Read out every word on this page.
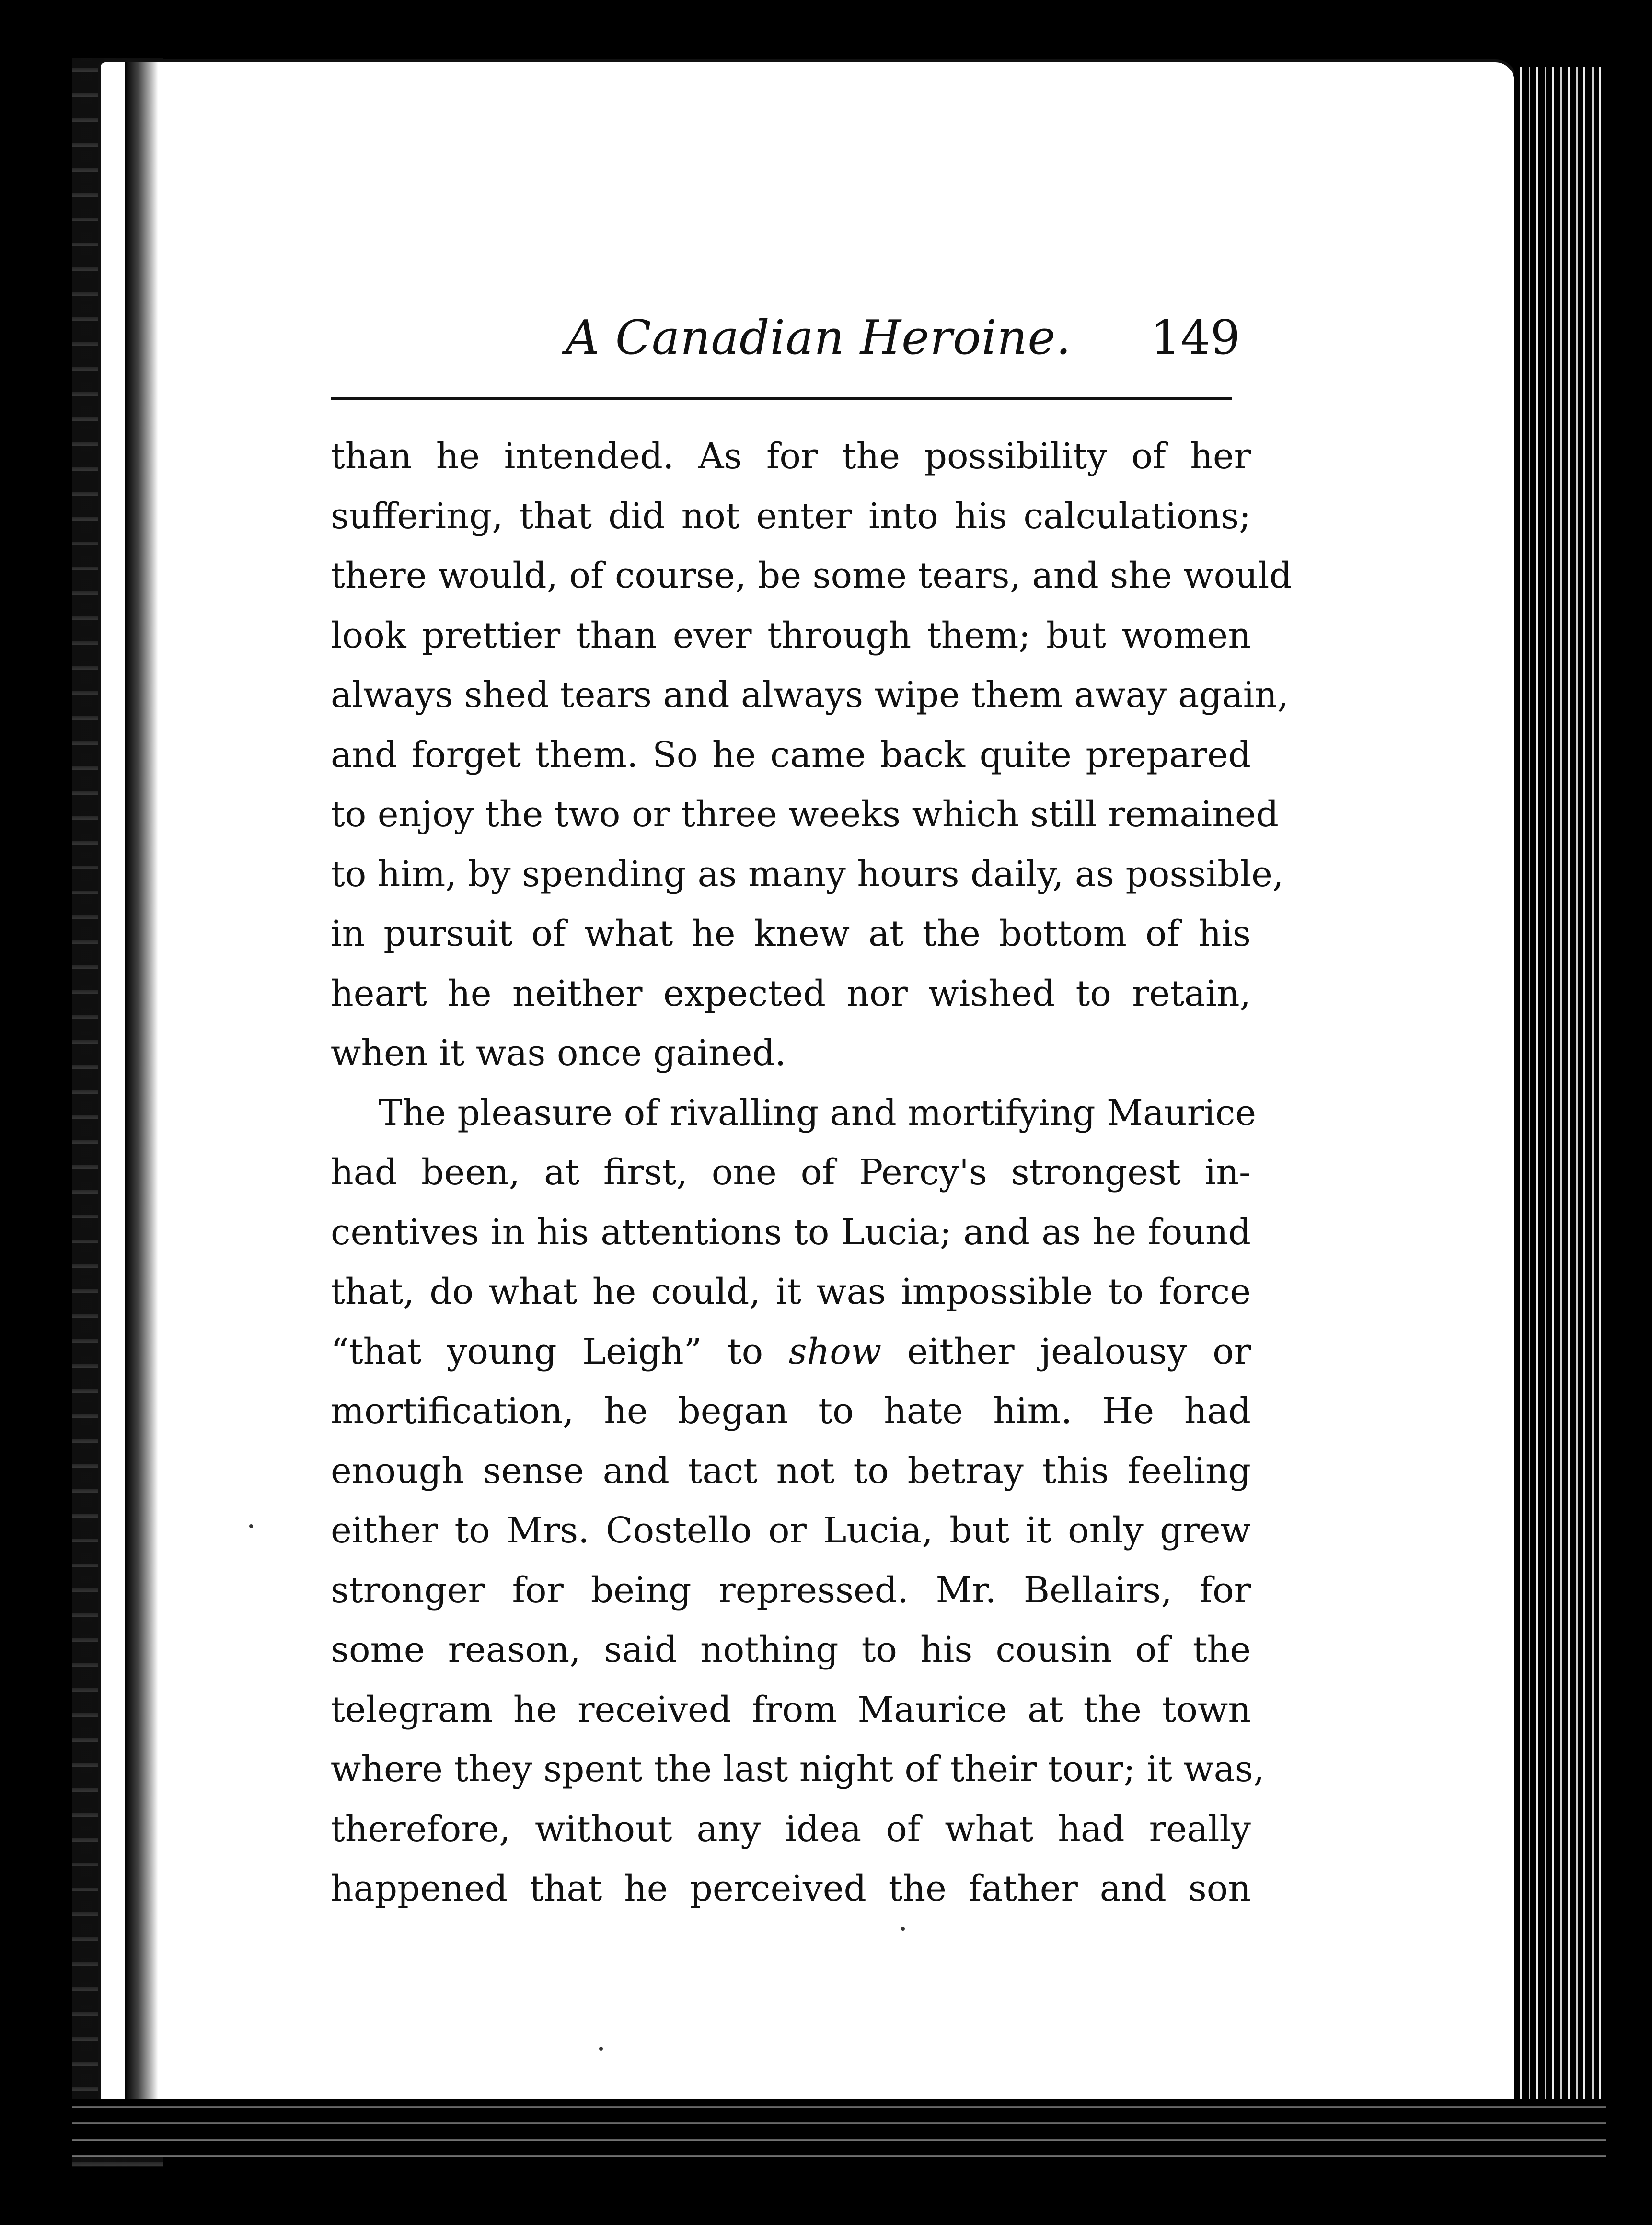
A Canadian Heroine. 149
than he intended. As for the possibility of her
suffering, that did not enter into his calculations;
there would, of course, be some tears, and she would
look prettier than ever through them; but women
always shed tears and always wipe them away again,
and forget them. So he came back quite prepared
to enjoy the two or three weeks which still remained
to him, by spending as many hours daily, as possible,
in pursuit of what he knew at the bottom of his
heart he neither expected nor wished to retain,
when it was once gained.
The pleasure of rivalling and mortifying Maurice
had been, at first, one of Percy's strongest in-
centives in his attentions to Lucia; and as he found
that, do what he could, it was impossible to force
“that young Leigh” to show either jealousy or
mortification, he began to hate him. He had
enough sense and tact not to betray this feeling
either to Mrs. Costello or Lucia, but it only grew
stronger for being repressed. Mr. Bellairs, for
some reason, said nothing to his cousin of the
telegram he received from Maurice at the town
where they spent the last night of their tour; it was,
therefore, without any idea of what had really
happened that he perceived the father and son
